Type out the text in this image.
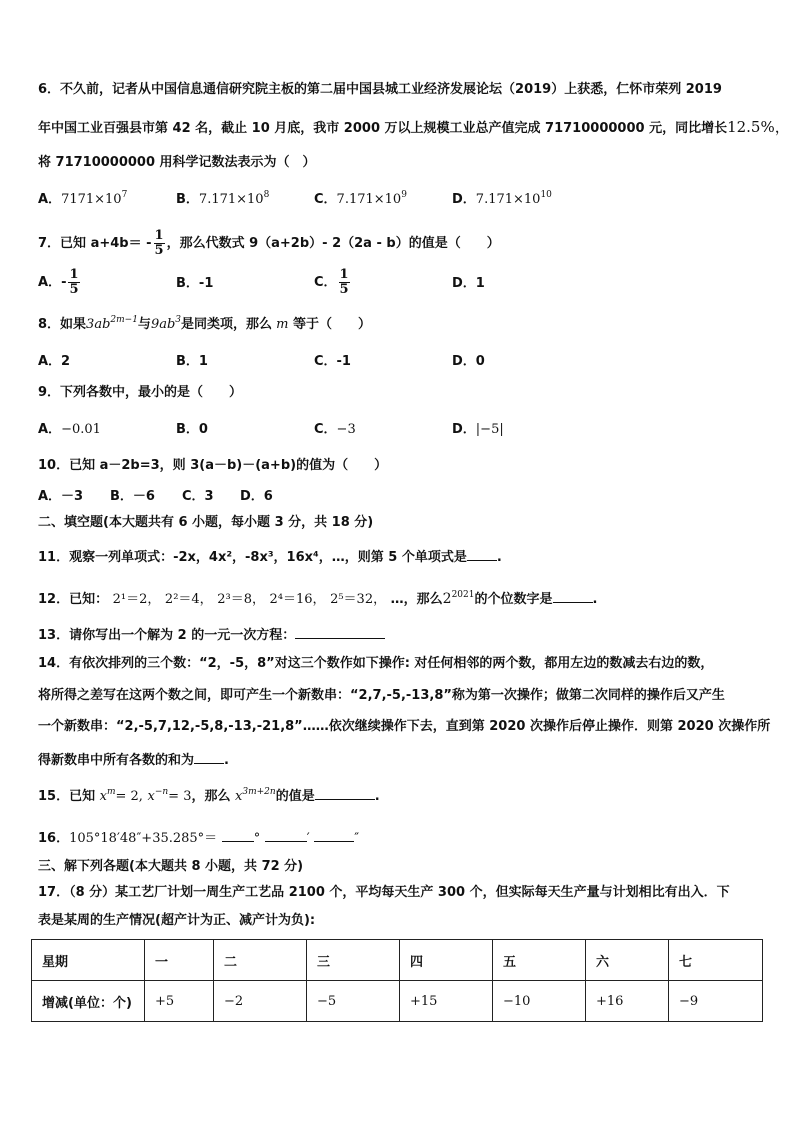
6．不久前，记者从中国信息通信研究院主板的第二届中国县城工业经济发展论坛（2019）上获悉，仁怀市荣列 2019
年中国工业百强县市第 42 名，截止 10 月底，我市 2000 万以上规模工业总产值完成 71710000000 元，同比增长12.5%，
将 71710000000 用科学记数法表示为（　）
A．$7171\times 10^7$	B．$7.171\times 10^8$	C．$7.171\times 10^9$	D．$7.171\times 10^{10}$
7．已知 $a+4b= - \frac{1}{5}$ ，那么代数式 9（a+2b）- 2（2a - b）的值是（　　）
A．- $\frac{1}{5}$	B．-1	C． $\frac{1}{5}$	D．1
8．如果$3ab^{2m-1}$与$9ab^3$是同类项，那么 m 等于（　　）
A．2	B．1	C．-1	D．0
9．下列各数中，最小的是（　　）
A．−0.01	B．0	C．−3	D．|−5|
10．已知 a－2b=3，则 3(a－b)－(a+b)的值为（　　）
A．－3 B．－6 C．3 D．6
二、填空题(本大题共有 6 小题，每小题 3 分，共 18 分)
11．观察一列单项式：-2x，4x²，-8x³，16x⁴，…，则第 5 个单项式是 .
12．已知： 2¹＝2， 2²＝4， 2³＝8， 2⁴＝16， 2⁵＝32， …，那么$2^{2021}$的个位数字是	.
13．请你写出一个解为 2 的一元一次方程：
14．有依次排列的三个数：“2，-5，8”对这三个数作如下操作: 对任何相邻的两个数，都用左边的数减去右边的数，
将所得之差写在这两个数之间，即可产生一个新数串：“2,7,-5,-13,8”称为第一次操作；做第二次同样的操作后又产生
一个新数串：“2,-5,7,12,-5,8,-13,-21,8”……依次继续操作下去，直到第 2020 次操作后停止操作．则第 2020 次操作所
得新数串中所有各数的和为 .
15．已知 $x^m= 2$, $x^{-n}= 3$，那么 $x^{3m+2n}$的值是	.
16．105°18′48″+35.285°＝	°	′	″
三、解下列各题(本大题共 8 小题，共 72 分)
17．（8 分）某工艺厂计划一周生产工艺品 2100 个，平均每天生产 300 个，但实际每天生产量与计划相比有出入．下
表是某周的生产情况(超产计为正、减产计为负):
星期	一	二	三	四	五	六	七
增减(单位：个)	+5	−2	−5	+15	−10	+16	−9
